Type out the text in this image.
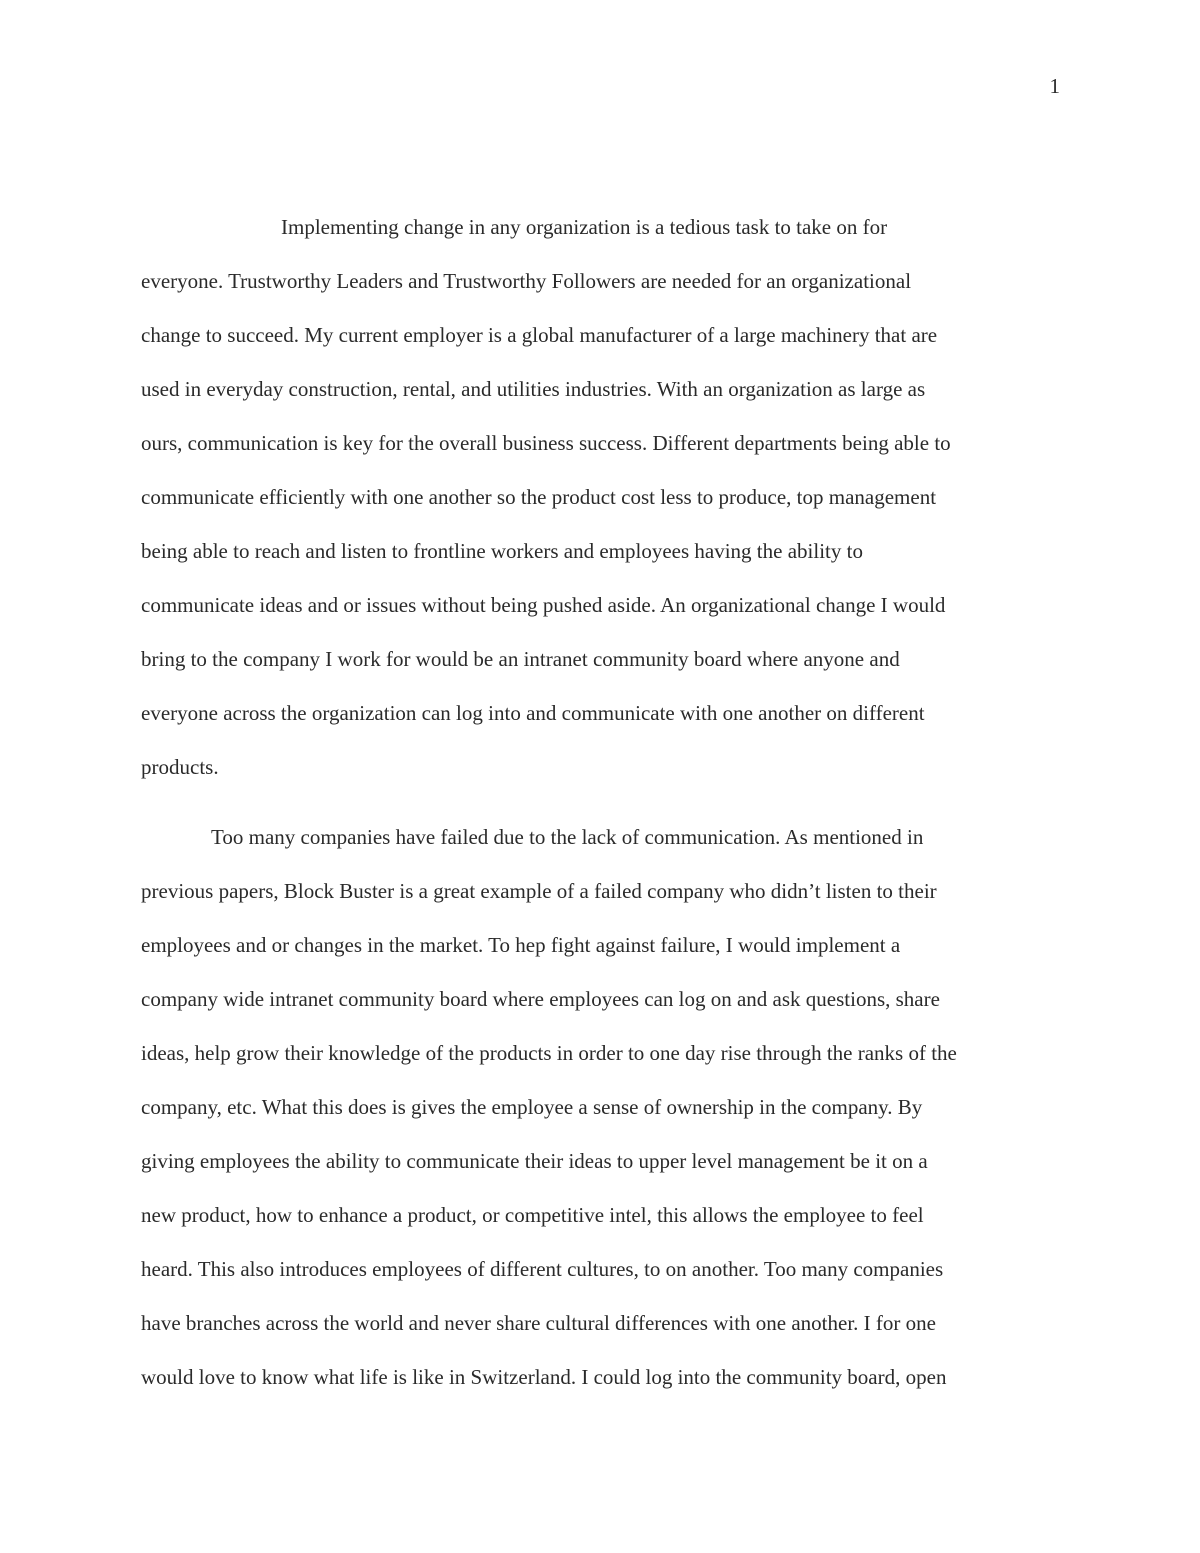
1
Implementing change in any organization is a tedious task to take on for
everyone. Trustworthy Leaders and Trustworthy Followers are needed for an organizational
change to succeed. My current employer is a global manufacturer of a large machinery that are
used in everyday construction, rental, and utilities industries. With an organization as large as
ours, communication is key for the overall business success. Different departments being able to
communicate efficiently with one another so the product cost less to produce, top management
being able to reach and listen to frontline workers and employees having the ability to
communicate ideas and or issues without being pushed aside. An organizational change I would
bring to the company I work for would be an intranet community board where anyone and
everyone across the organization can log into and communicate with one another on different
products.
Too many companies have failed due to the lack of communication. As mentioned in
previous papers, Block Buster is a great example of a failed company who didn’t listen to their
employees and or changes in the market. To hep fight against failure, I would implement a
company wide intranet community board where employees can log on and ask questions, share
ideas, help grow their knowledge of the products in order to one day rise through the ranks of the
company, etc. What this does is gives the employee a sense of ownership in the company. By
giving employees the ability to communicate their ideas to upper level management be it on a
new product, how to enhance a product, or competitive intel, this allows the employee to feel
heard. This also introduces employees of different cultures, to on another. Too many companies
have branches across the world and never share cultural differences with one another. I for one
would love to know what life is like in Switzerland. I could log into the community board, open
